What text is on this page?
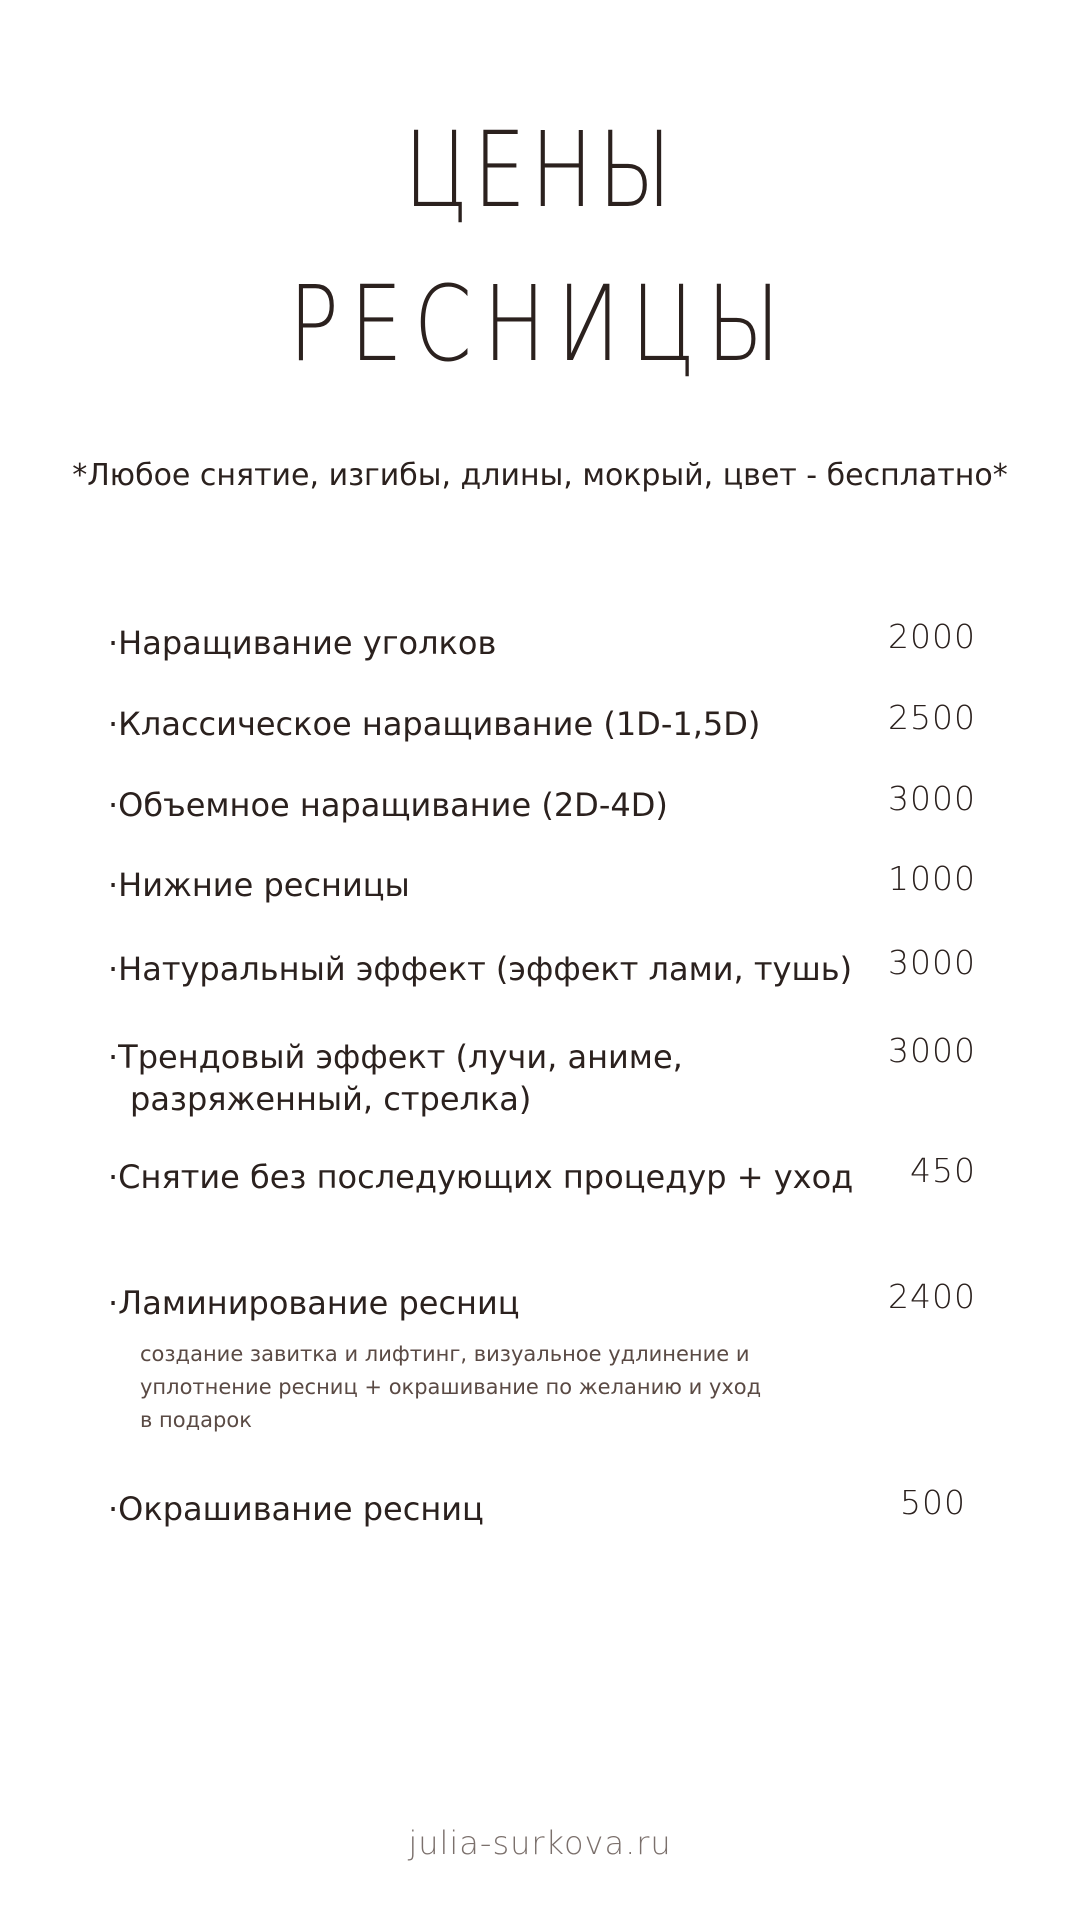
ЦЕНЫ
РЕСНИЦЫ
*Любое снятие, изгибы, длины, мокрый, цвет - бесплатно*
·Наращивание уголков	2000
·Классическое наращивание (1D-1,5D)	2500
·Объемное наращивание (2D-4D)	3000
·Нижние ресницы	1000
·Натуральный эффект (эффект лами, тушь) 3000
·Трендовый эффект (лучи, аниме,
разряженный, стрелка)
3000
·Снятие без последующих процедур + уход 450
·Ламинирование ресниц	2400
создание завитка и лифтинг, визуальное удлинение и уплотнение ресниц + окрашивание по желанию и уход в подарок
·Окрашивание ресниц	500
julia-surkova.ru
